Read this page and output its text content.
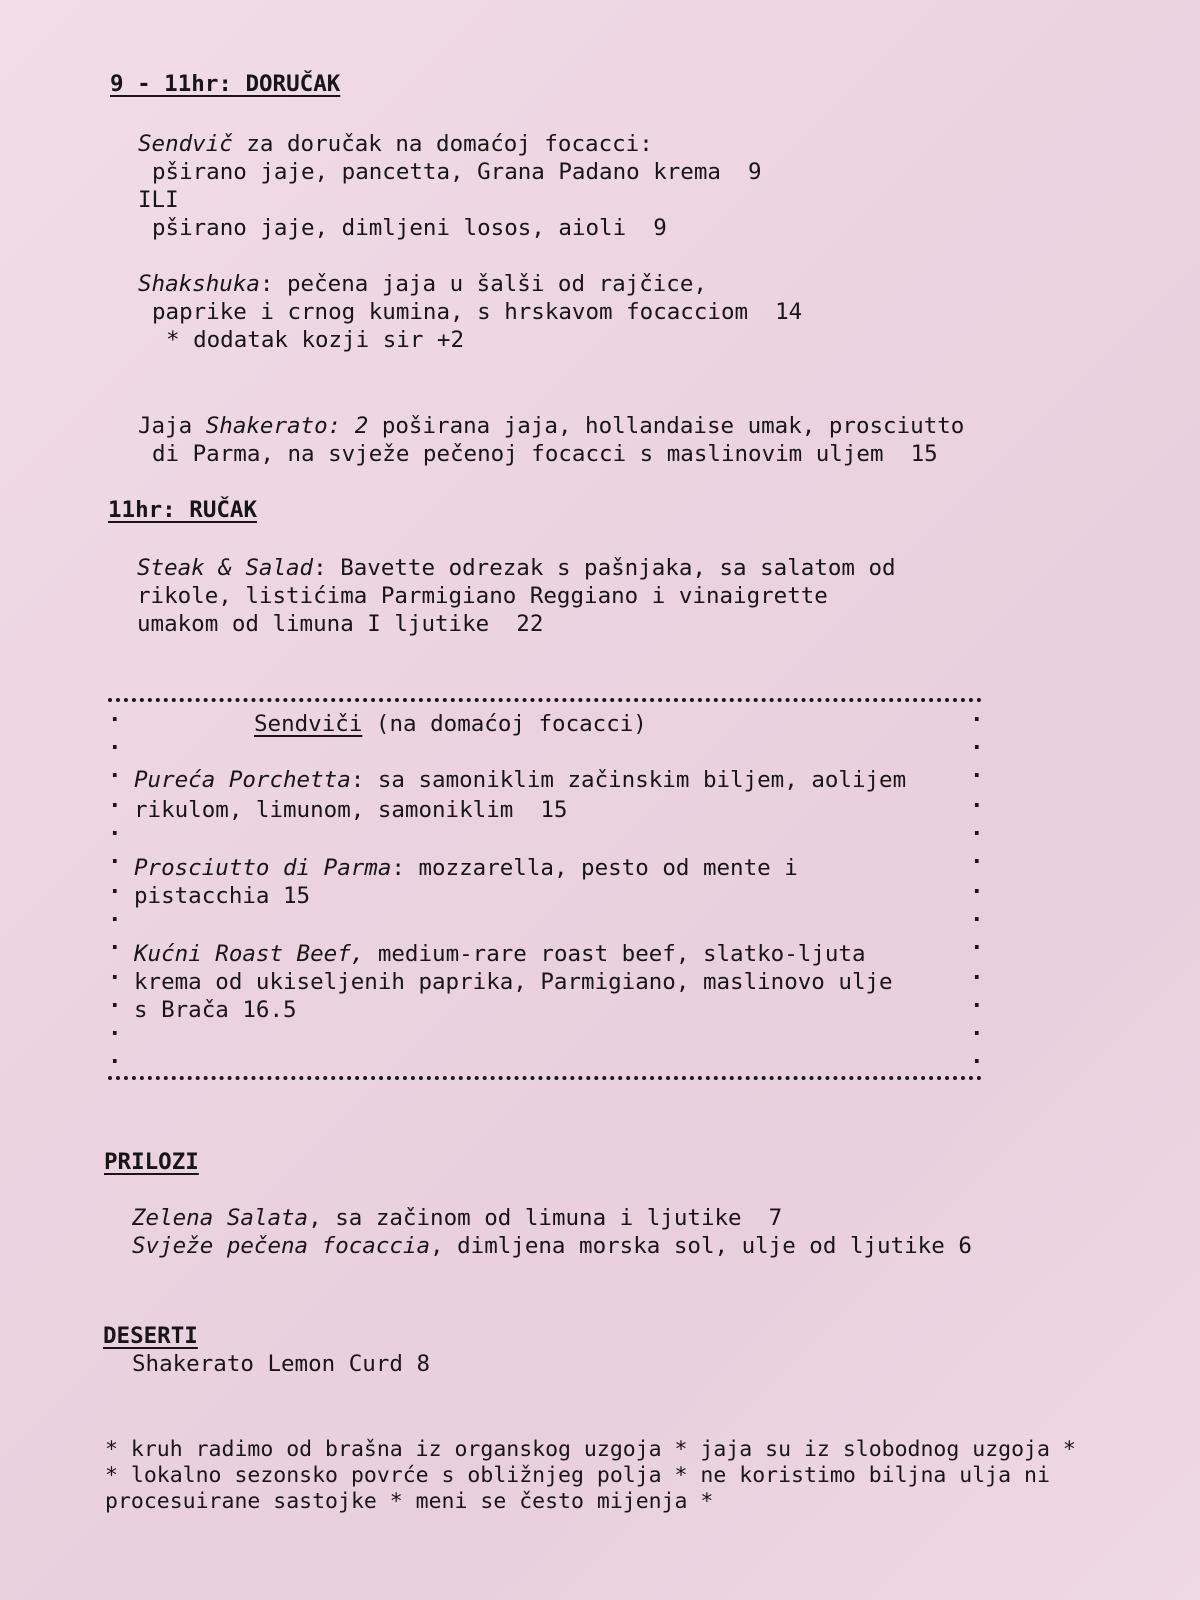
9 - 11hr: DORUČAK
Sendvič za doručak na domaćoj focacci:
pširano jaje, pancetta, Grana Padano krema  9
ILI
pširano jaje, dimljeni losos, aioli  9
Shakshuka: pečena jaja u šalši od rajčice,
paprike i crnog kumina, s hrskavom focacciom  14
* dodatak kozji sir +2
Jaja Shakerato: 2 poširana jaja, hollandaise umak, prosciutto
di Parma, na svježe pečenoj focacci s maslinovim uljem  15
11hr: RUČAK
Steak & Salad: Bavette odrezak s pašnjaka, sa salatom od
rikole, listićima Parmigiano Reggiano i vinaigrette
umakom od limuna I ljutike  22
.
.
.
.
.
.
.
.
.
.
.
.
.
.
.
.
.
.
.
.
.
.
.
.
.
.
Sendviči (na domaćoj focacci)
Pureća Porchetta: sa samoniklim začinskim biljem, aolijem
rikulom, limunom, samoniklim  15
Prosciutto di Parma: mozzarella, pesto od mente i
pistacchia 15
Kućni Roast Beef, medium-rare roast beef, slatko-ljuta
krema od ukiseljenih paprika, Parmigiano, maslinovo ulje
s Brača 16.5
PRILOZI
Zelena Salata, sa začinom od limuna i ljutike  7
Svježe pečena focaccia, dimljena morska sol, ulje od ljutike 6
DESERTI
Shakerato Lemon Curd 8
* kruh radimo od brašna iz organskog uzgoja * jaja su iz slobodnog uzgoja *
* lokalno sezonsko povrće s obližnjeg polja * ne koristimo biljna ulja ni
procesuirane sastojke * meni se često mijenja *
